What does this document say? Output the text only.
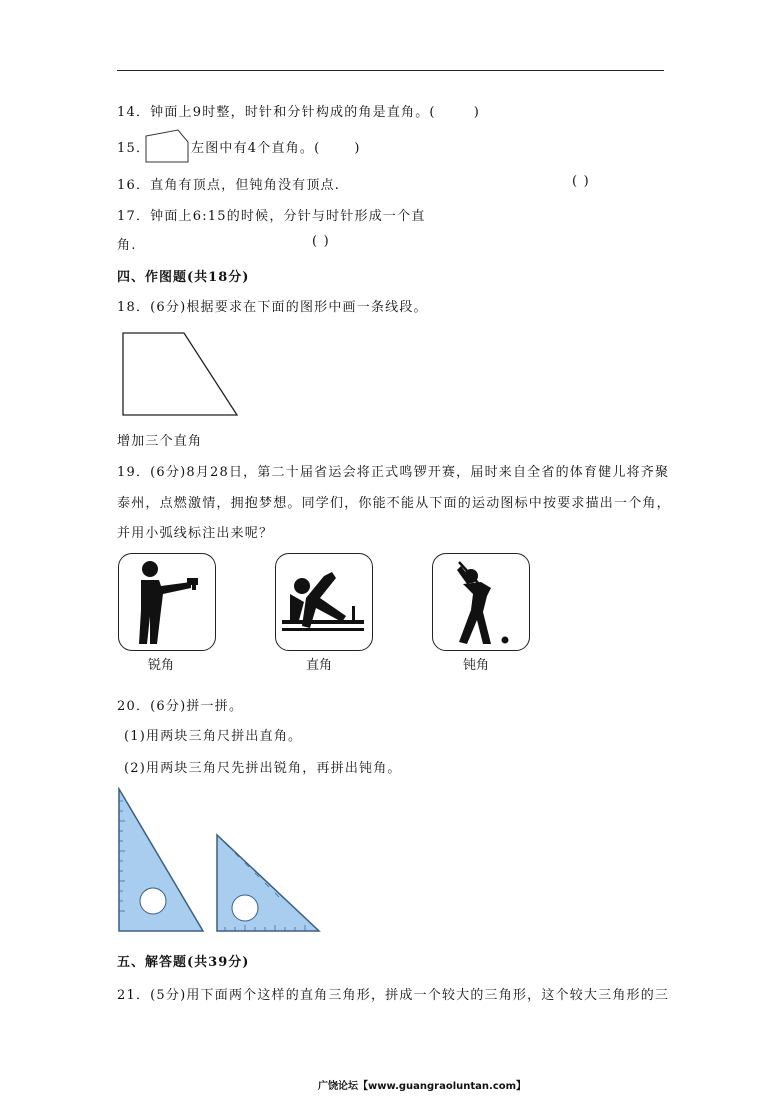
14．钟面上9时整，时针和分针构成的角是直角。(	)
15．	左图中有4个直角。(	)
16．直角有顶点，但钝角没有顶点.	( )
17．钟面上6:15的时候，分针与时针形成一个直
角.	( )
四、作图题(共18分)
18．(6分)根据要求在下面的图形中画一条线段。
增加三个直角
19．(6分)8月28日，第二十届省运会将正式鸣锣开赛，届时来自全省的体育健儿将齐聚
泰州，点燃激情，拥抱梦想。同学们，你能不能从下面的运动图标中按要求描出一个角，
并用小弧线标注出来呢？
锐角	直角	钝角
20．(6分)拼一拼。
(1)用两块三角尺拼出直角。
(2)用两块三角尺先拼出锐角，再拼出钝角。
五、解答题(共39分)
21．(5分)用下面两个这样的直角三角形，拼成一个较大的三角形，这个较大三角形的三
广饶论坛【www.guangraoluntan.com】
